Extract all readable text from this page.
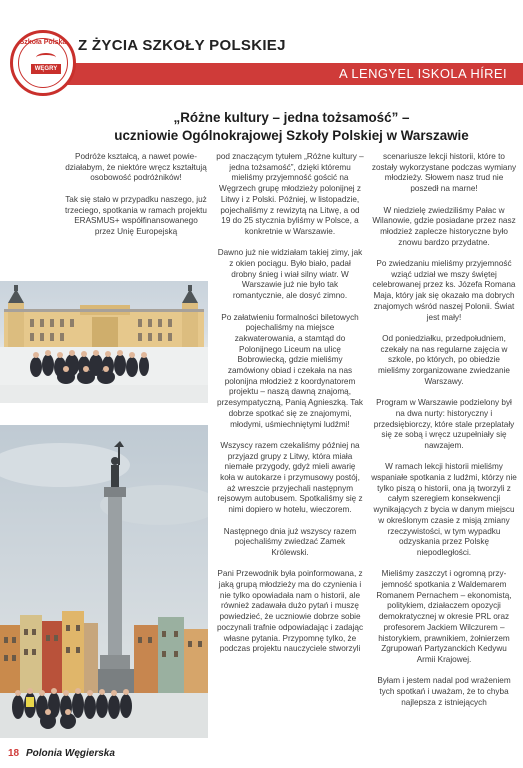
Szkoła Polska
WĘGRY
Z ŻYCIA SZKOŁY POLSKIEJ
A LENGYEL ISKOLA HÍREI
„Różne kultury – jedna tożsamość” –
uczniowie Ogólnokrajowej Szkoły Polskiej w Warszawie

Podróże kształcą, a nawet powiedziałabym, że niektóre wręcz kształtują osobowość podróżników!

Tak się stało w przypadku naszego, już trzeciego, spotkania w ramach projektu ERASMUS+ współfinansowanego przez Unię Europejską

pod znaczącym tytułem „Różne kultury – jedna tożsamość”, dzięki któremu mieliśmy przyjemność gościć na Węgrzech grupę młodzieży polonijnej z Litwy i z Polski. Później, w listopadzie, pojechaliśmy z rewizytą na Litwę, a od 19 do 25 stycznia byliśmy w Polsce, a konkretnie w Warszawie.

Dawno już nie widziałam takiej zimy, jak z okien pociągu. Było biało, padał drobny śnieg i wiał silny wiatr. W Warszawie już nie było tak romantycznie, ale dosyć zimno.

Po załatwieniu formalności biletowych pojechaliśmy na miejsce zakwaterowania, a stamtąd do Polonijnego Liceum na ulicę Bobrowiecką, gdzie mieliśmy zamówiony obiad i czekała na nas polonijna młodzież z koordynatorem projektu – naszą dawną znajomą, przesympatyczną, Panią Agnieszką. Tak dobrze spotkać się ze znajomymi, młodymi, uśmiechniętymi ludźmi!

Wszyscy razem czekaliśmy później na przyjazd grupy z Litwy, która miała niemałe przygody, gdyż mieli awarię koła w autokarze i przymusowy postój, aż wreszcie przyjechali następnym rejsowym autobusem. Spotkaliśmy się z nimi dopiero w hotelu, wieczorem.

Następnego dnia już wszyscy razem pojechaliśmy zwiedzać Zamek Królewski.

Pani Przewodnik była poinformowana, z jaką grupą młodzieży ma do czynienia i nie tylko opowiadała nam o historii, ale również zadawała dużo pytań i muszę powiedzieć, że uczniowie dobrze sobie poczynali trafnie odpowiadając i zadając własne pytania. Przypomnę tylko, że podczas projektu nauczyciele stworzyli

scenariusze lekcji historii, które to zostały wykorzystane podczas wymiany młodzieży. Słowem nasz trud nie poszedł na marne!

W niedzielę zwiedziliśmy Pałac w Wilanowie, gdzie posiadane przez nasz młodzież zaplecze historyczne było znowu bardzo przydatne.

Po zwiedzaniu mieliśmy przyjemność wziąć udział we mszy świętej celebrowanej przez ks. Józefa Romana Maja, który jak się okazało ma dobrych znajomych wśród naszej Polonii. Świat jest mały!

Od poniedziałku, przedpołudniem, czekały na nas regularne zajęcia w szkole, po których, po obiedzie mieliśmy zorganizowane zwiedzanie Warszawy.

Program w Warszawie podzielony był na dwa nurty: historyczny i przedsiębiorczy, które stale przeplatały się ze sobą i wręcz uzupełniały się nawzajem.

W ramach lekcji historii mieliśmy wspaniałe spotkania z ludźmi, którzy nie tylko piszą o historii, ona ją tworzyli z całym szeregiem konsekwencji wynikających z bycia w danym miejscu w określonym czasie z misją zmiany rzeczywistości, w tym wypadku odzyskania przez Polskę niepodległości.

Mieliśmy zaszczyt i ogromną przyjemność spotkania z Waldemarem Romanem Pernachem – ekonomistą, politykiem, działaczem opozycji demokratycznej w okresie PRL oraz profesorem Jackiem Wilczurem – historykiem, prawnikiem, żołnierzem Zgrupowań Partyzanckich Kedywu Armii Krajowej.

Byłam i jestem nadal pod wrażeniem tych spotkań i uważam, że to chyba najlepsza z istniejących

18 Polonia Węgierska
